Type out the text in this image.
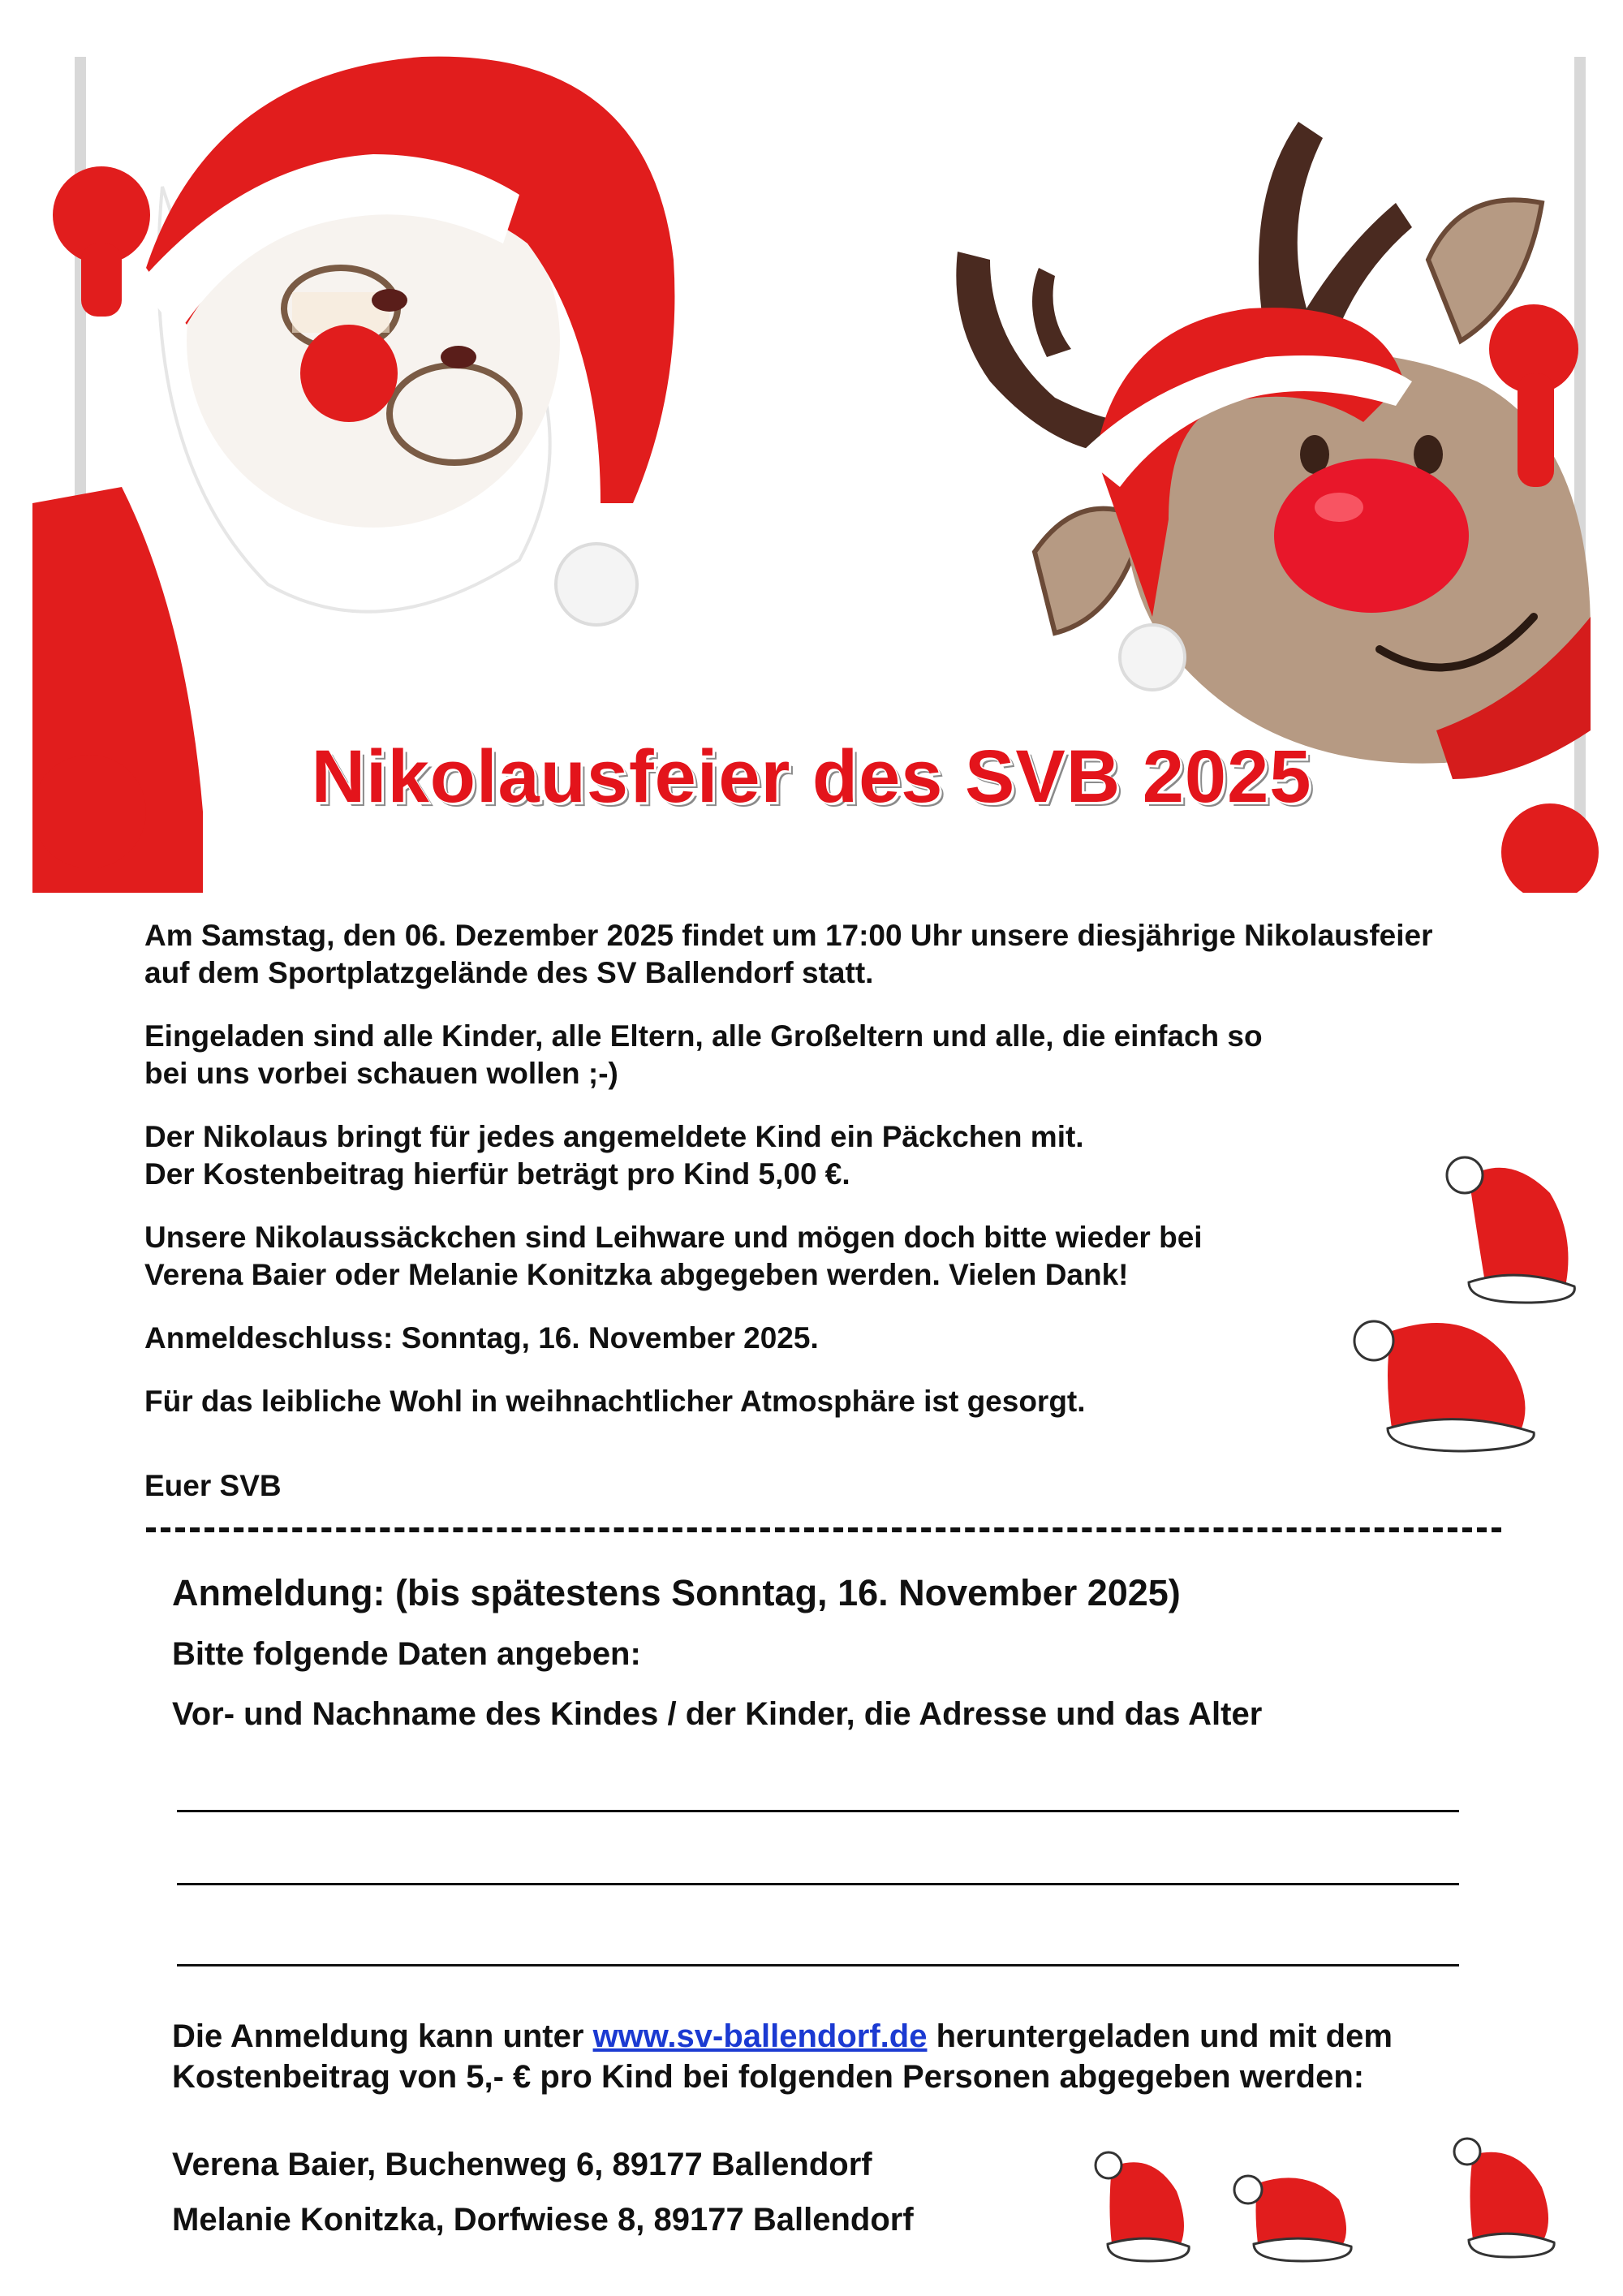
Nikolausfeier des SVB 2025

Am Samstag, den 06. Dezember 2025 findet um 17:00 Uhr unsere diesjährige Nikolausfeier
auf dem Sportplatzgelände des SV Ballendorf statt.

Eingeladen sind alle Kinder, alle Eltern, alle Großeltern und alle, die einfach so
bei uns vorbei schauen wollen ;-)

Der Nikolaus bringt für jedes angemeldete Kind ein Päckchen mit.
Der Kostenbeitrag hierfür beträgt pro Kind 5,00 €.

Unsere Nikolaussäckchen sind Leihware und mögen doch bitte wieder bei
Verena Baier oder Melanie Konitzka abgegeben werden. Vielen Dank!

Anmeldeschluss: Sonntag, 16. November 2025.

Für das leibliche Wohl in weihnachtlicher Atmosphäre ist gesorgt.

Euer SVB

Anmeldung: (bis spätestens Sonntag, 16. November 2025)
Bitte folgende Daten angeben:
Vor- und Nachname des Kindes / der Kinder, die Adresse und das Alter
Die Anmeldung kann unter www.sv-ballendorf.de heruntergeladen und mit dem
Kostenbeitrag von 5,- € pro Kind bei folgenden Personen abgegeben werden:
Verena Baier, Buchenweg 6, 89177 Ballendorf
Melanie Konitzka, Dorfwiese 8, 89177 Ballendorf
